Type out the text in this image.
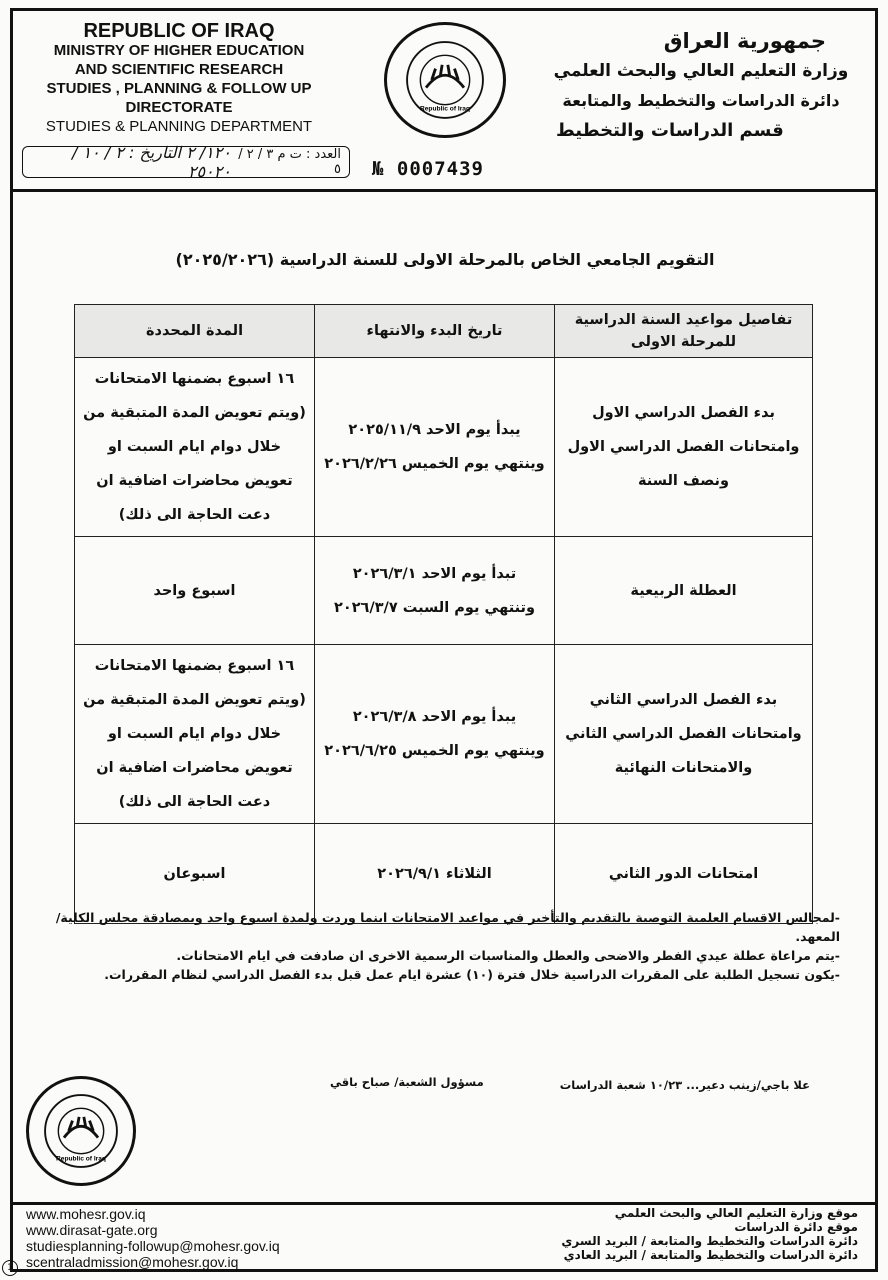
REPUBLIC OF IRAQ
MINISTRY OF HIGHER EDUCATION
AND SCIENTIFIC RESEARCH
STUDIES , PLANNING & FOLLOW UP DIRECTORATE
STUDIES & PLANNING DEPARTMENT
جمهورية العراق
وزارة التعليم العالي والبحث العلمي
دائرة الدراسات والتخطيط والمتابعة
قسم الدراسات والتخطيط
Republic of Iraq
العدد : ت م ٣ / ٢ / ٥
١٢٠/ ٢ التاريخ : ٢ / ١٠ / ٢٥٠٢٠	№ 0007439
التقويم الجامعي الخاص بالمرحلة الاولى للسنة الدراسية (٢٠٢٥/٢٠٢٦)
تفاصيل مواعيد السنة الدراسية للمرحلة الاولى	تاريخ البدء والانتهاء	المدة المحددة
بدء الفصل الدراسي الاول وامتحانات الفصل الدراسي الاول ونصف السنة	يبدأ يوم الاحد ٢٠٢٥/١١/٩
وينتهي يوم الخميس ٢٠٢٦/٢/٢٦	١٦ اسبوع بضمنها الامتحانات (ويتم تعويض المدة المتبقية من خلال دوام ايام السبت او تعويض محاضرات اضافية ان دعت الحاجة الى ذلك)
العطلة الربيعية	تبدأ يوم الاحد ٢٠٢٦/٣/١
وتنتهي يوم السبت ٢٠٢٦/٣/٧	اسبوع واحد
بدء الفصل الدراسي الثاني وامتحانات الفصل الدراسي الثاني والامتحانات النهائية	يبدأ يوم الاحد ٢٠٢٦/٣/٨
وينتهي يوم الخميس ٢٠٢٦/٦/٢٥	١٦ اسبوع بضمنها الامتحانات (ويتم تعويض المدة المتبقية من خلال دوام ايام السبت او تعويض محاضرات اضافية ان دعت الحاجة الى ذلك)
امتحانات الدور الثاني	الثلاثاء ٢٠٢٦/٩/١	اسبوعان
-لمجالس الاقسام العلمية التوصية بالتقديم والتأخير في مواعيد الامتحانات اينما وردت ولمدة اسبوع واحد وبمصادقة مجلس الكلية/ المعهد.
-يتم مراعاة عطلة عيدي الفطر والاضحى والعطل والمناسبات الرسمية الاخرى ان صادفت في ايام الامتحانات.
-يكون تسجيل الطلبة على المقررات الدراسية خلال فترة (١٠) عشرة ايام عمل قبل بدء الفصل الدراسي لنظام المقررات.
مسؤول الشعبة/ صباح باقي	علا باجي/زينب دعير... ١٠/٢٣ شعبة الدراسات
Republic of Iraq
www.mohesr.gov.iq
www.dirasat-gate.org
studiesplanning-followup@mohesr.gov.iq
scentraladmission@mohesr.gov.iq
موقع وزارة التعليم العالي والبحث العلمي
موقع دائرة الدراسات
دائرة الدراسات والتخطيط والمتابعة / البريد السري
دائرة الدراسات والتخطيط والمتابعة / البريد العادي
1
